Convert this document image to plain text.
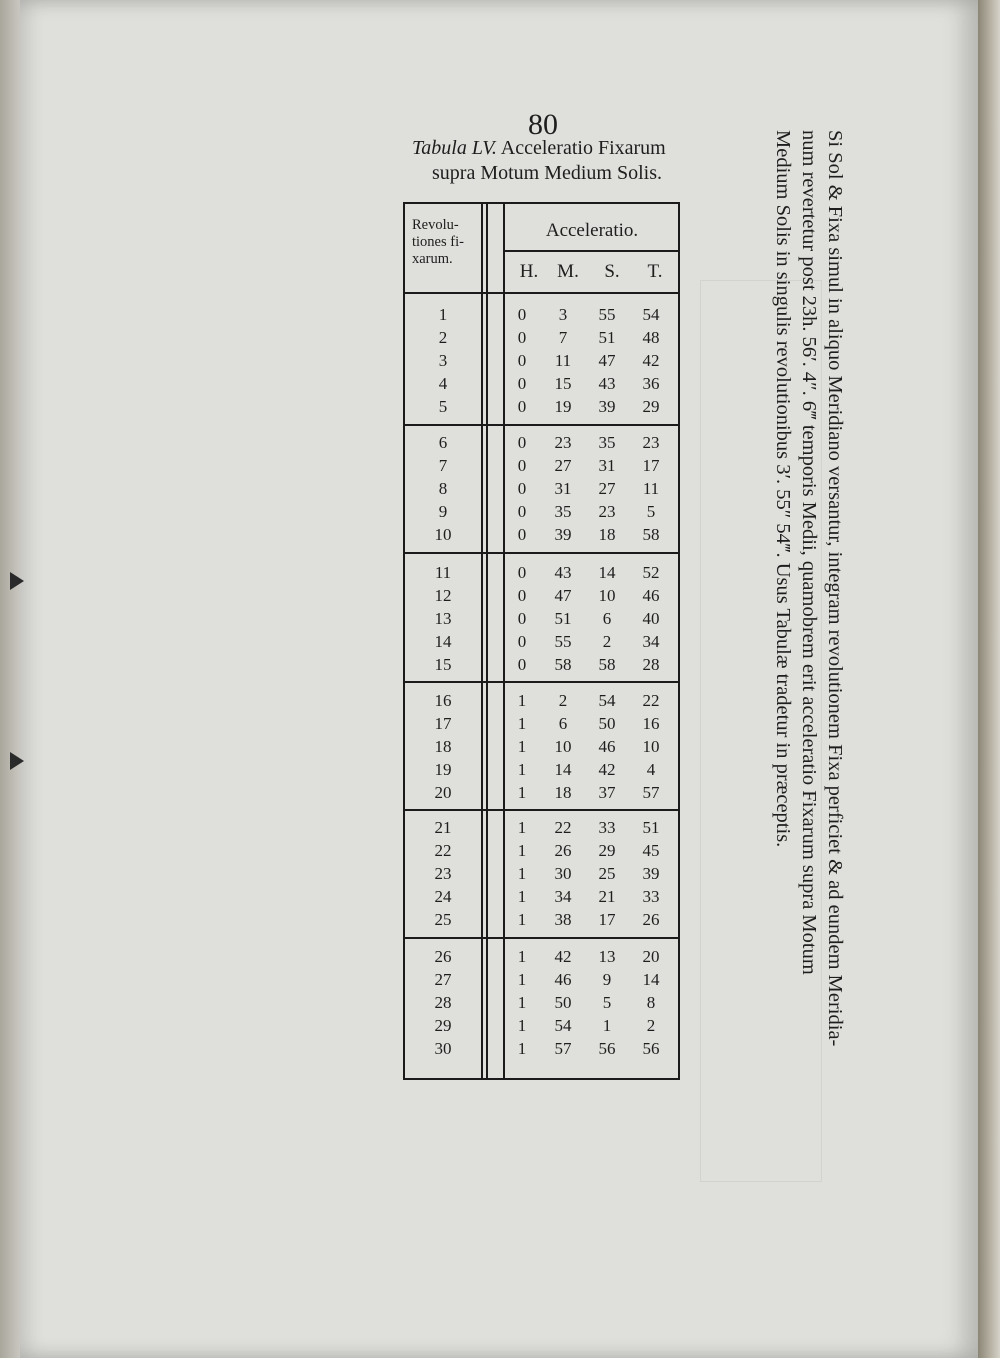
80
Tabula LV. Acceleratio Fixarum
supra Motum Medium Solis.
Revolu-
tiones fi-
xarum.
Acceleratio.
H. M.	S.	T.
1	0	3	55	54
2	0	7	51	48
3	0	11	47	42
4	0	15	43	36
5	0	19	39	29
6	0	23	35	23
7	0	27	31	17
8	0	31	27	11
9	0	35	23	5
10	0	39	18	58
11	0	43	14	52
12	0	47	10	46
13	0	51	6	40
14	0	55	2	34
15	0	58	58	28
16	1	2	54	22
17	1	6	50	16
18	1	10	46	10
19	1	14	42	4
20	1	18	37	57
21	1	22	33	51
22	1	26	29	45
23	1	30	25	39
24	1	34	21	33
25	1	38	17	26
26	1	42	13	20
27	1	46	9	14
28	1	50	5	8
29	1	54	1	2
30	1	57	56	56
Si Sol & Fixa simul in aliquo Meridiano versantur, integram revolutionem Fixa perficiet & ad eundem Meridia-
num revertetur post 23h. 56′. 4″. 6‴ temporis Medii, quamobrem erit acceleratio Fixarum supra Motum
Medium Solis in singulis revolutionibus 3′. 55″ 54‴. Usus Tabulæ tradetur in præceptis.
